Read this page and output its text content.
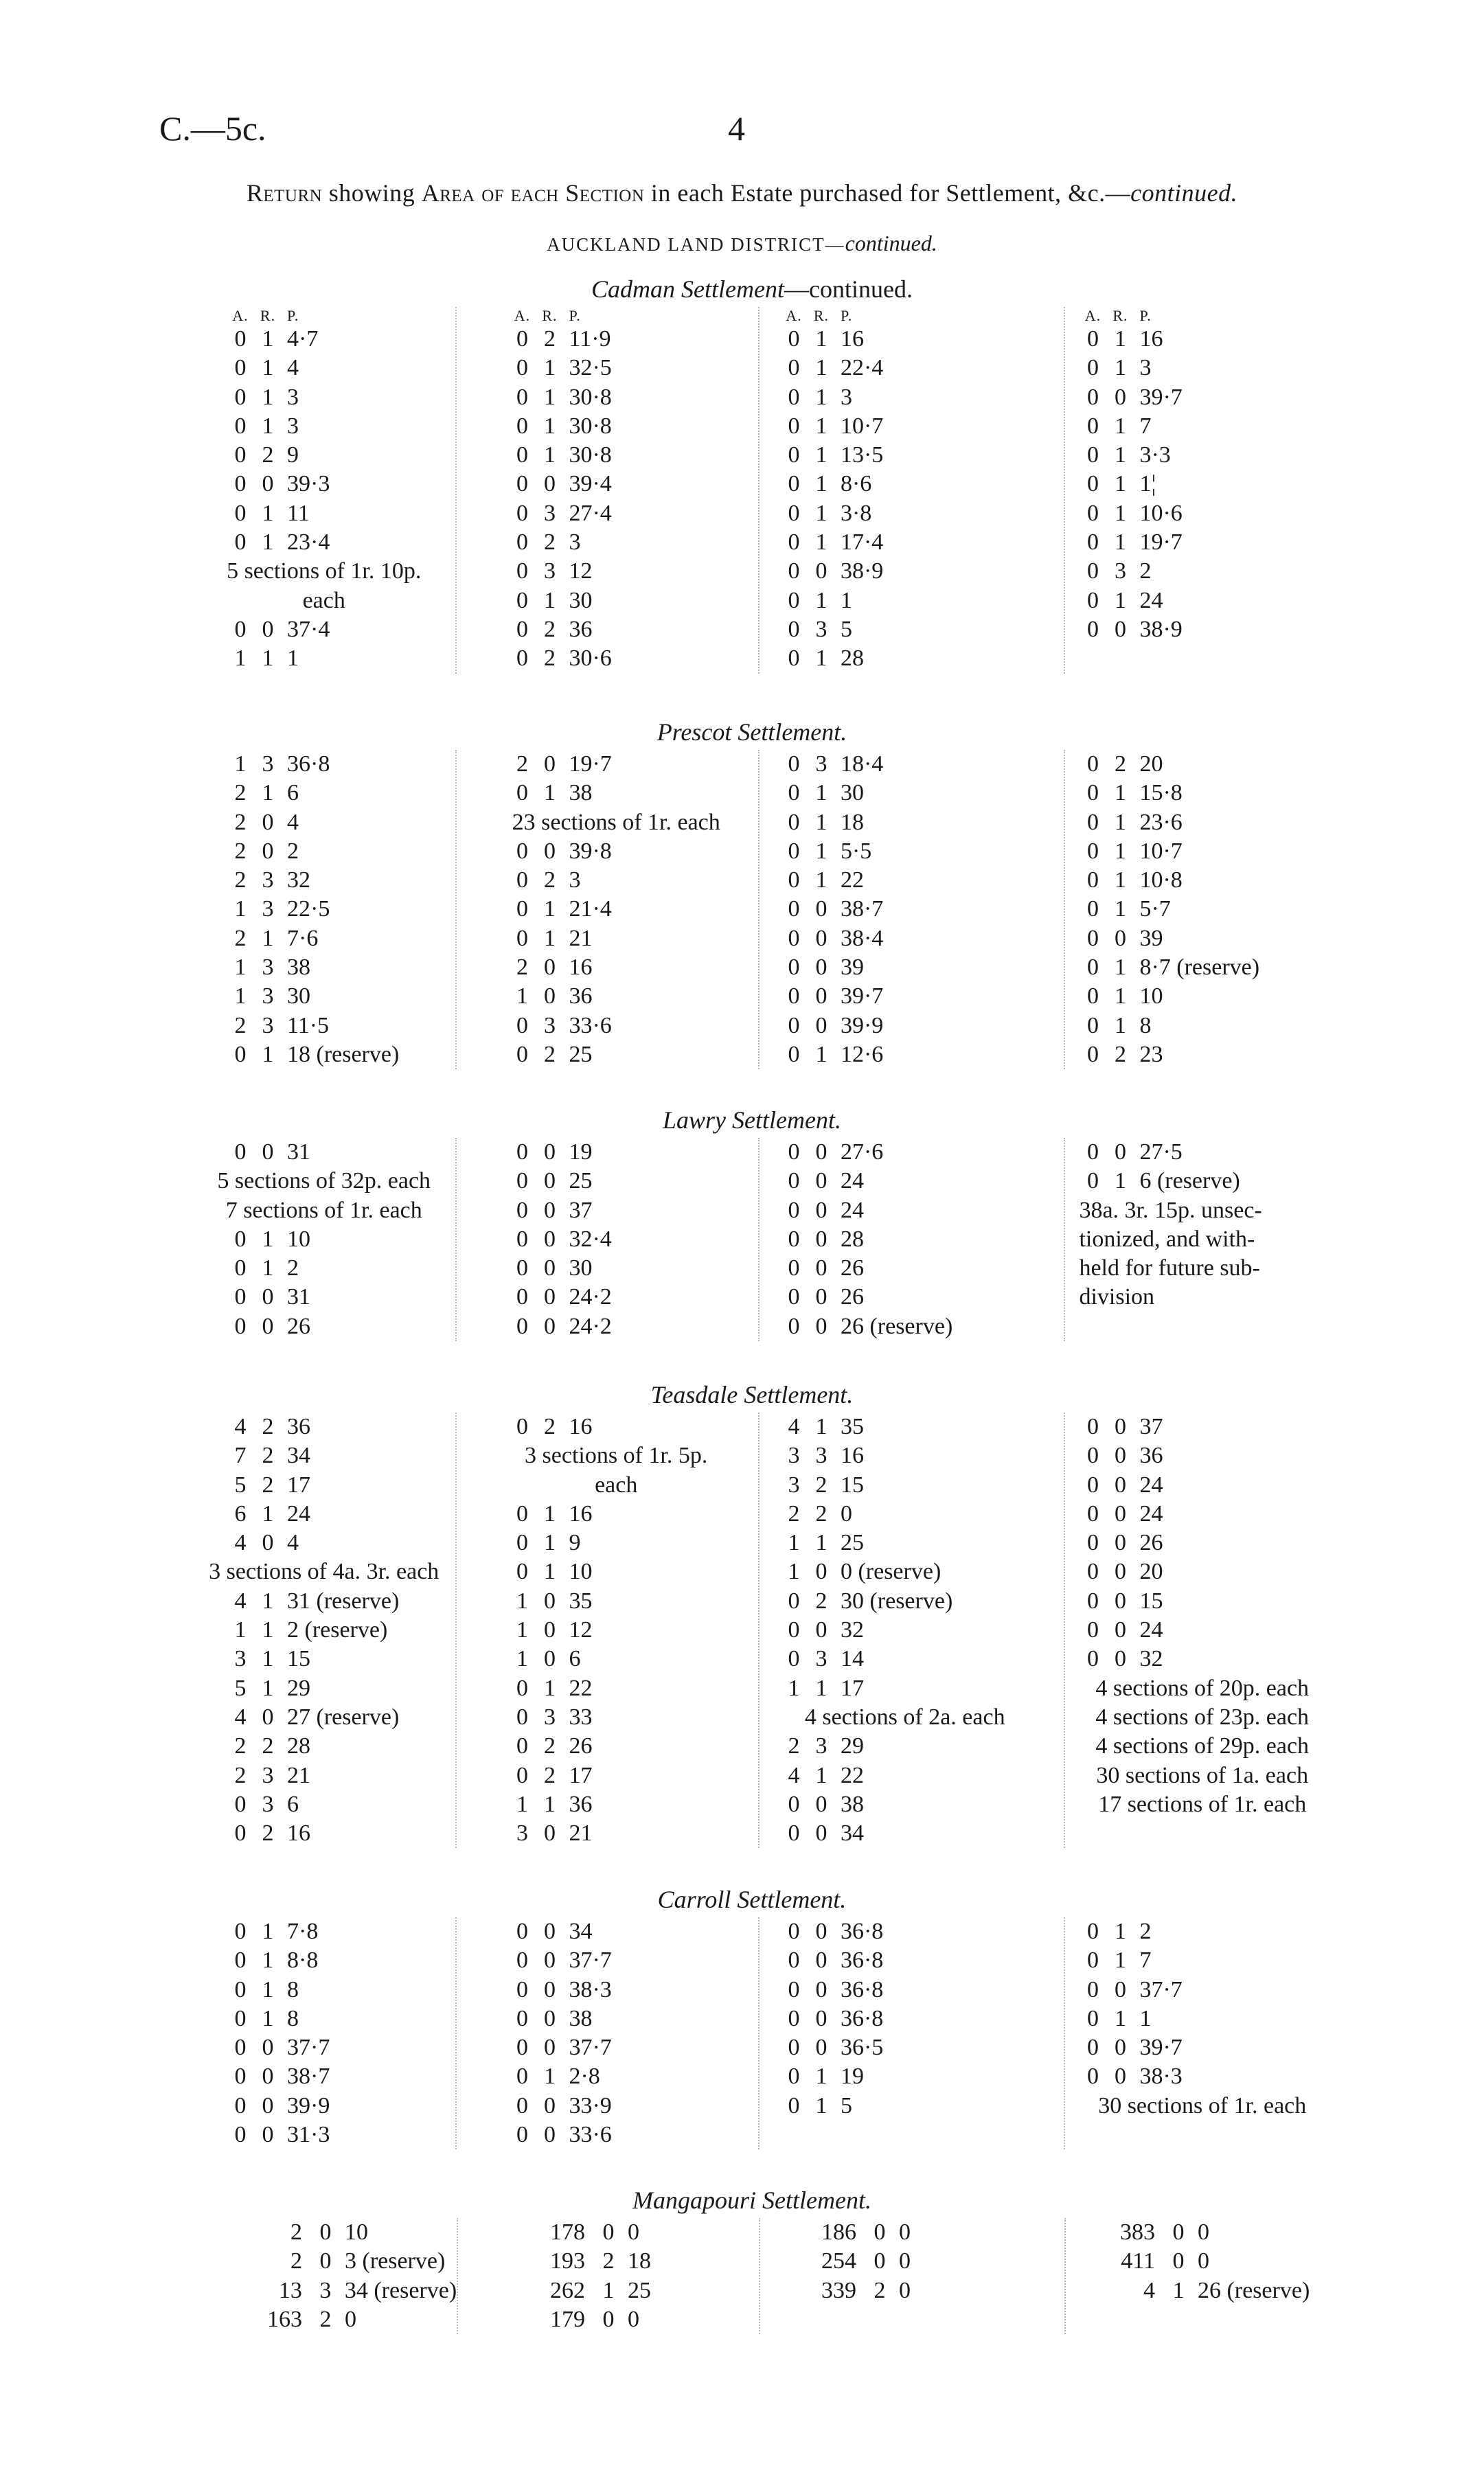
C.—5c.	4
Return showing Area of each Section in each Estate purchased for Settlement, &c.—continued.
AUCKLAND LAND DISTRICT—continued.
Cadman Settlement—continued.
A. R. P.
0 1 4·7
0 1 4
0 1 3
0 1 3
0 2 9
0 0 39·3
0 1 11
0 1 23·4
5 sections of 1r. 10p.
each
0 0 37·4
1 1 1
A. R. P.
0 2 11·9
0 1 32·5
0 1 30·8
0 1 30·8
0 1 30·8
0 0 39·4
0 3 27·4
0 2 3
0 3 12
0 1 30
0 2 36
0 2 30·6
A. R. P.
0 1 16
0 1 22·4
0 1 3
0 1 10·7
0 1 13·5
0 1 8·6
0 1 3·8
0 1 17·4
0 0 38·9
0 1 1
0 3 5
0 1 28
A. R. P.
0 1 16
0 1 3
0 0 39·7
0 1 7
0 1 3·3
0 1 1¦
0 1 10·6
0 1 19·7
0 3 2
0 1 24
0 0 38·9
Prescot Settlement.
1 3 36·8
2 1 6
2 0 4
2 0 2
2 3 32
1 3 22·5
2 1 7·6
1 3 38
1 3 30
2 3 11·5
0 1 18 (reserve)
2 0 19·7
0 1 38
23 sections of 1r. each
0 0 39·8
0 2 3
0 1 21·4
0 1 21
2 0 16
1 0 36
0 3 33·6
0 2 25
0 3 18·4
0 1 30
0 1 18
0 1 5·5
0 1 22
0 0 38·7
0 0 38·4
0 0 39
0 0 39·7
0 0 39·9
0 1 12·6
0 2 20
0 1 15·8
0 1 23·6
0 1 10·7
0 1 10·8
0 1 5·7
0 0 39
0 1 8·7 (reserve)
0 1 10
0 1 8
0 2 23
Lawry Settlement.
0 0 31
5 sections of 32p. each
7 sections of 1r. each
0 1 10
0 1 2
0 0 31
0 0 26
0 0 19
0 0 25
0 0 37
0 0 32·4
0 0 30
0 0 24·2
0 0 24·2
0 0 27·6
0 0 24
0 0 24
0 0 28
0 0 26
0 0 26
0 0 26 (reserve)
0 0 27·5
0 1 6 (reserve)
38a. 3r. 15p. unsec-
tionized, and with-
held for future sub-
division
Teasdale Settlement.
4 2 36
7 2 34
5 2 17
6 1 24
4 0 4
3 sections of 4a. 3r. each
4 1 31 (reserve)
1 1 2 (reserve)
3 1 15
5 1 29
4 0 27 (reserve)
2 2 28
2 3 21
0 3 6
0 2 16
0 2 16
3 sections of 1r. 5p.
each
0 1 16
0 1 9
0 1 10
1 0 35
1 0 12
1 0 6
0 1 22
0 3 33
0 2 26
0 2 17
1 1 36
3 0 21
4 1 35
3 3 16
3 2 15
2 2 0
1 1 25
1 0 0 (reserve)
0 2 30 (reserve)
0 0 32
0 3 14
1 1 17
4 sections of 2a. each
2 3 29
4 1 22
0 0 38
0 0 34
0 0 37
0 0 36
0 0 24
0 0 24
0 0 26
0 0 20
0 0 15
0 0 24
0 0 32
4 sections of 20p. each
4 sections of 23p. each
4 sections of 29p. each
30 sections of 1a. each
17 sections of 1r. each
Carroll Settlement.
0 1 7·8
0 1 8·8
0 1 8
0 1 8
0 0 37·7
0 0 38·7
0 0 39·9
0 0 31·3
0 0 34
0 0 37·7
0 0 38·3
0 0 38
0 0 37·7
0 1 2·8
0 0 33·9
0 0 33·6
0 0 36·8
0 0 36·8
0 0 36·8
0 0 36·8
0 0 36·5
0 1 19
0 1 5
0 1 2
0 1 7
0 0 37·7
0 1 1
0 0 39·7
0 0 38·3
30 sections of 1r. each
Mangapouri Settlement.
2 0 10
2 0 3 (reserve)
13 3 34 (reserve)
163 2 0
178 0 0
193 2 18
262 1 25
179 0 0
186 0 0
254 0 0
339 2 0
383 0 0
411 0 0
4 1 26 (reserve)
